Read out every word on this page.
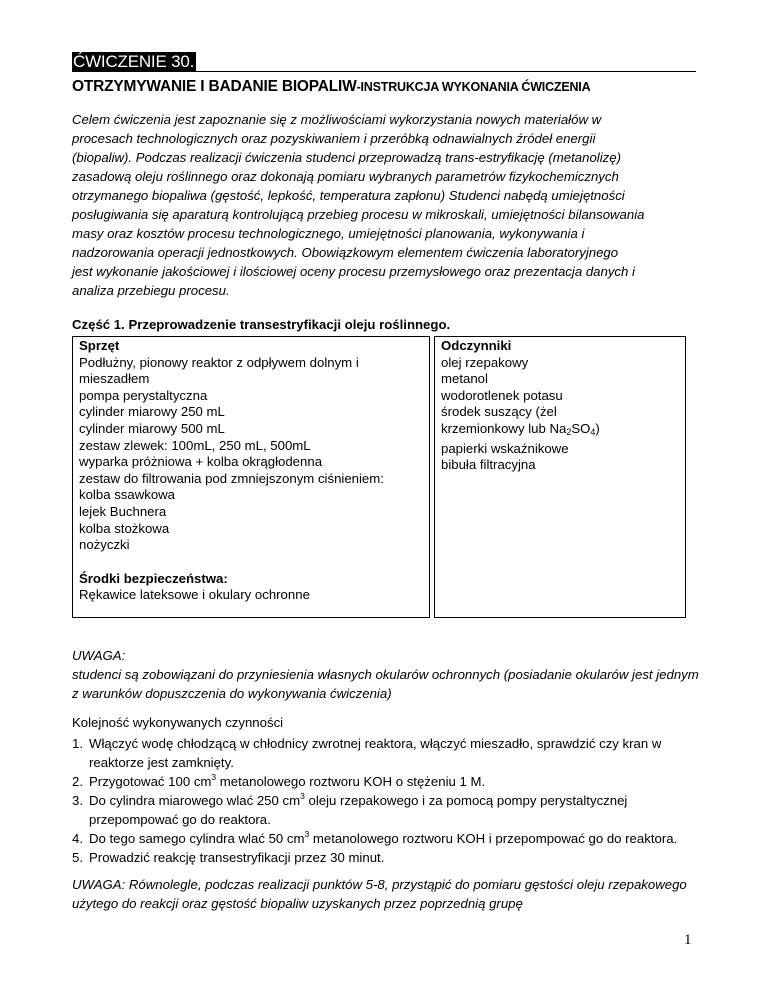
ĆWICZENIE 30.
OTRZYMYWANIE I BADANIE BIOPALIW-INSTRUKCJA WYKONANIA ĆWICZENIA

Celem ćwiczenia jest zapoznanie się z możliwościami wykorzystania nowych materiałów w
procesach technologicznych oraz pozyskiwaniem i przeróbką odnawialnych źródeł energii
(biopaliw). Podczas realizacji ćwiczenia studenci przeprowadzą trans-estryfikację (metanolizę)
zasadową oleju roślinnego oraz dokonają pomiaru wybranych parametrów fizykochemicznych
otrzymanego biopaliwa (gęstość, lepkość, temperatura zapłonu) Studenci nabędą umiejętności
posługiwania się aparaturą kontrolującą przebieg procesu w mikroskali, umiejętności bilansowania
masy oraz kosztów procesu technologicznego, umiejętności planowania, wykonywania i
nadzorowania operacji jednostkowych. Obowiązkowym elementem ćwiczenia laboratoryjnego
jest wykonanie jakościowej i ilościowej oceny procesu przemysłowego oraz prezentacja danych i
analiza przebiegu procesu.

Część 1. Przeprowadzenie transestryfikacji oleju roślinnego.

Sprzęt
Podłużny, pionowy reaktor z odpływem dolnym i
mieszadłem
pompa perystaltyczna
cylinder miarowy 250 mL
cylinder miarowy 500 mL
zestaw zlewek: 100mL, 250 mL, 500mL
wyparka próżniowa + kolba okrągłodenna
zestaw do filtrowania pod zmniejszonym ciśnieniem:
kolba ssawkowa
lejek Buchnera
kolba stożkowa
nożyczki
Środki bezpieczeństwa:
Rękawice lateksowe i okulary ochronne
Odczynniki
olej rzepakowy
metanol
wodorotlenek potasu
środek suszący (żel
krzemionkowy lub $Na_2SO_4$)
papierki wskaźnikowe
bibuła filtracyjna

UWAGA:
studenci są zobowiązani do przyniesienia własnych okularów ochronnych (posiadanie okularów jest jednym z warunków dopuszczenia do wykonywania ćwiczenia)

Kolejność wykonywanych czynności

1. Włączyć wodę chłodzącą w chłodnicy zwrotnej reaktora, włączyć mieszadło, sprawdzić czy kran w reaktorze jest zamknięty.
2. Przygotować 100 $cm^3$ metanolowego roztworu KOH o stężeniu 1 M.
3. Do cylindra miarowego wlać 250 $cm^3$ oleju rzepakowego i za pomocą pompy perystaltycznej przepompować go do reaktora.
4. Do tego samego cylindra wlać 50 $cm^3$ metanolowego roztworu KOH i przepompować go do reaktora.
5. Prowadzić reakcję transestryfikacji przez 30 minut.

UWAGA: Równolegle, podczas realizacji punktów 5-8, przystąpić do pomiaru gęstości oleju rzepakowego użytego do reakcji oraz gęstość biopaliw uzyskanych przez poprzednią grupę

1
